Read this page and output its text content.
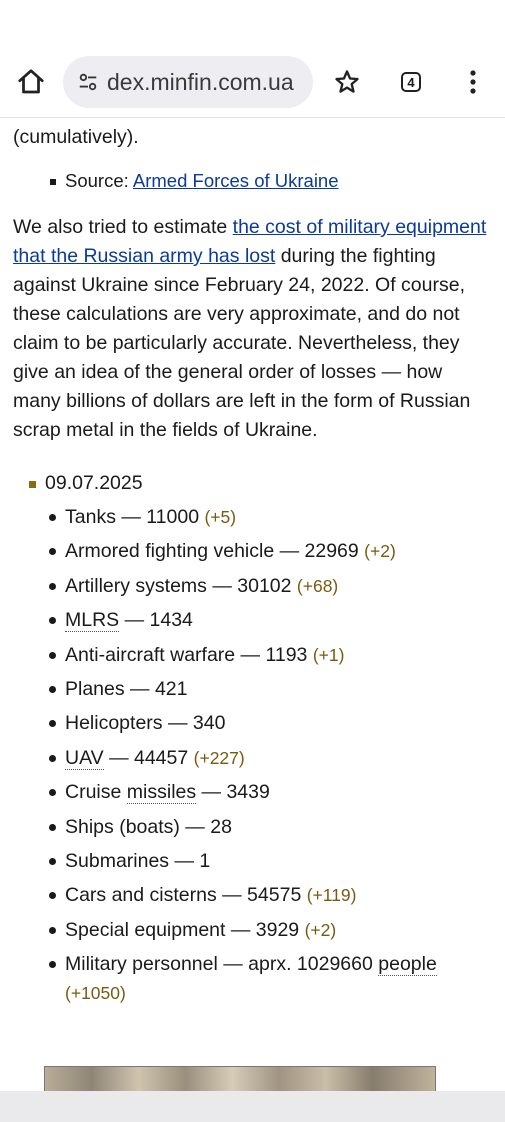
dex.minfin.com.ua	4

(cumulatively).

Source: Armed Forces of Ukraine

We also tried to estimate the cost of military equipment that the Russian army has lost during the fighting against Ukraine since February 24, 2022. Of course, these calculations are very approximate, and do not claim to be particularly accurate. Nevertheless, they give an idea of the general order of losses — how many billions of dollars are left in the form of Russian scrap metal in the fields of Ukraine.

09.07.2025
Tanks — 11000 (+5)
Armored fighting vehicle — 22969 (+2)
Artillery systems — 30102 (+68)
MLRS — 1434
Anti-aircraft warfare — 1193 (+1)
Planes — 421
Helicopters — 340
UAV — 44457 (+227)
Cruise missiles — 3439
Ships (boats) — 28
Submarines — 1
Cars and cisterns — 54575 (+119)
Special equipment — 3929 (+2)
Military personnel — aprx. 1029660 people
(+1050)
